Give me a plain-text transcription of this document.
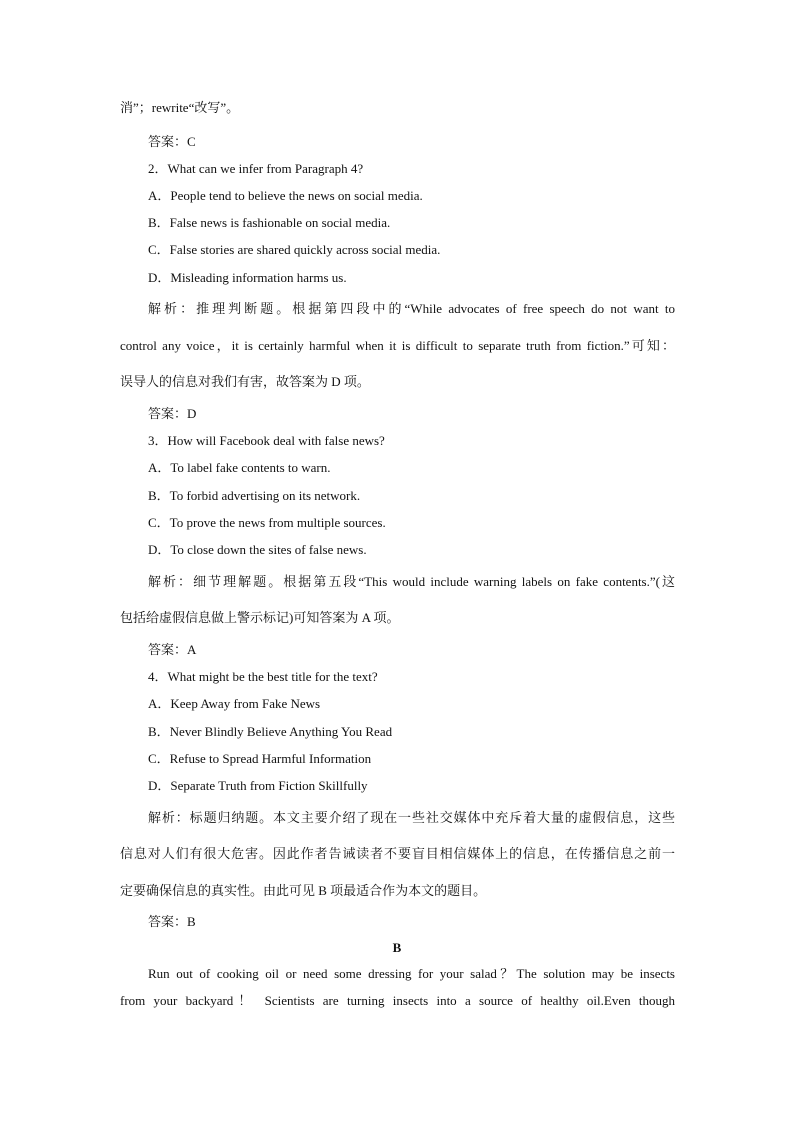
消”；rewrite“改写”。
答案：C
2．What can we infer from Paragraph 4?
A．People tend to believe the news on social media.
B．False news is fashionable on social media.
C．False stories are shared quickly across social media.
D．Misleading information harms us.
解析：推理判断题。根据第四段中的“While advocates of free speech do not want to
control any voice，it is certainly harmful when it is difficult to separate truth from fiction.”可知：
误导人的信息对我们有害，故答案为 D 项。
答案：D
3．How will Facebook deal with false news?
A．To label fake contents to warn.
B．To forbid advertising on its network.
C．To prove the news from multiple sources.
D．To close down the sites of false news.
解析：细节理解题。根据第五段“This would include warning labels on fake contents.”(这
包括给虚假信息做上警示标记)可知答案为 A 项。
答案：A
4．What might be the best title for the text?
A．Keep Away from Fake News
B．Never Blindly Believe Anything You Read
C．Refuse to Spread Harmful Information
D．Separate Truth from Fiction Skillfully
解析：标题归纳题。本文主要介绍了现在一些社交媒体中充斥着大量的虚假信息，这些
信息对人们有很大危害。因此作者告诫读者不要盲目相信媒体上的信息，在传播信息之前一
定要确保信息的真实性。由此可见 B 项最适合作为本文的题目。
答案：B
B
Run out of cooking oil or need some dressing for your salad？The solution may be insects
from your backyard！ Scientists are turning insects into a source of healthy oil.Even though
